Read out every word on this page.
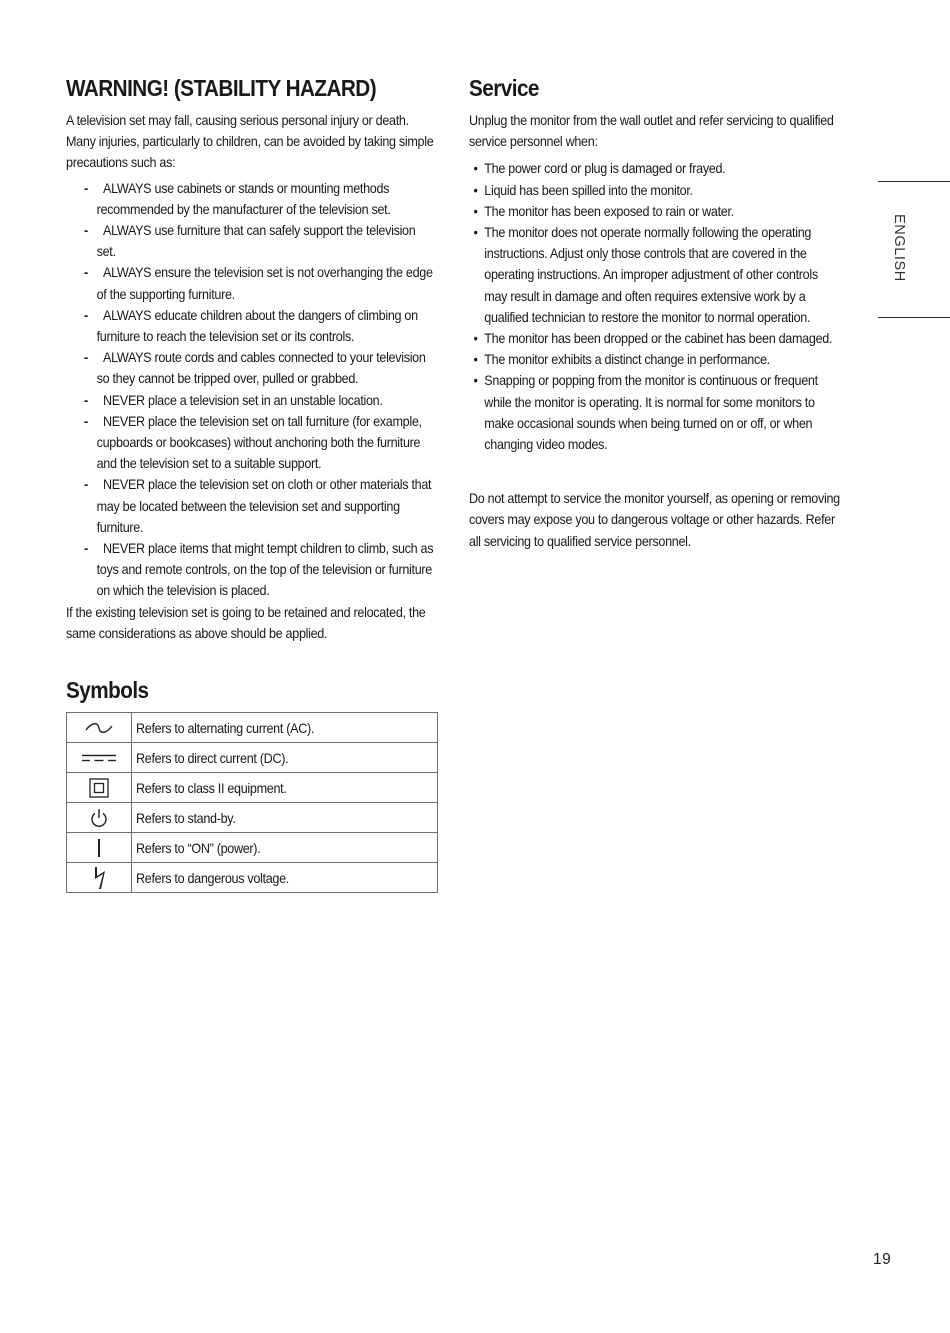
WARNING! (STABILITY HAZARD)

A television set may fall, causing serious personal injury or death. Many injuries, particularly to children, can be avoided by taking simple precautions such as:

- ALWAYS use cabinets or stands or mounting methods recommended by the manufacturer of the television set.
- ALWAYS use furniture that can safely support the television set.
- ALWAYS ensure the television set is not overhanging the edge of the supporting furniture.
- ALWAYS educate children about the dangers of climbing on furniture to reach the television set or its controls.
- ALWAYS route cords and cables connected to your television so they cannot be tripped over, pulled or grabbed.
- NEVER place a television set in an unstable location.
- NEVER place the television set on tall furniture (for example, cupboards or bookcases) without anchoring both the furniture and the television set to a suitable support.
- NEVER place the television set on cloth or other materials that may be located between the television set and supporting furniture.
- NEVER place items that might tempt children to climb, such as toys and remote controls, on the top of the television or furniture on which the television is placed.

If the existing television set is going to be retained and relocated, the same considerations as above should be applied.

Symbols
	Refers to alternating current (AC).

	Refers to direct current (DC).

	Refers to class II equipment.

	Refers to stand-by.

	Refers to “ON” (power).

	Refers to dangerous voltage.
Service

Unplug the monitor from the wall outlet and refer servicing to qualified service personnel when:

• The power cord or plug is damaged or frayed.
• Liquid has been spilled into the monitor.
• The monitor has been exposed to rain or water.
• The monitor does not operate normally following the operating instructions. Adjust only those controls that are covered in the operating instructions. An improper adjustment of other controls may result in damage and often requires extensive work by a qualified technician to restore the monitor to normal operation.
• The monitor has been dropped or the cabinet has been damaged.
• The monitor exhibits a distinct change in performance.
• Snapping or popping from the monitor is continuous or frequent while the monitor is operating. It is normal for some monitors to make occasional sounds when being turned on or off, or when changing video modes.

Do not attempt to service the monitor yourself, as opening or removing covers may expose you to dangerous voltage or other hazards. Refer all servicing to qualified service personnel.

ENGLISH
19
